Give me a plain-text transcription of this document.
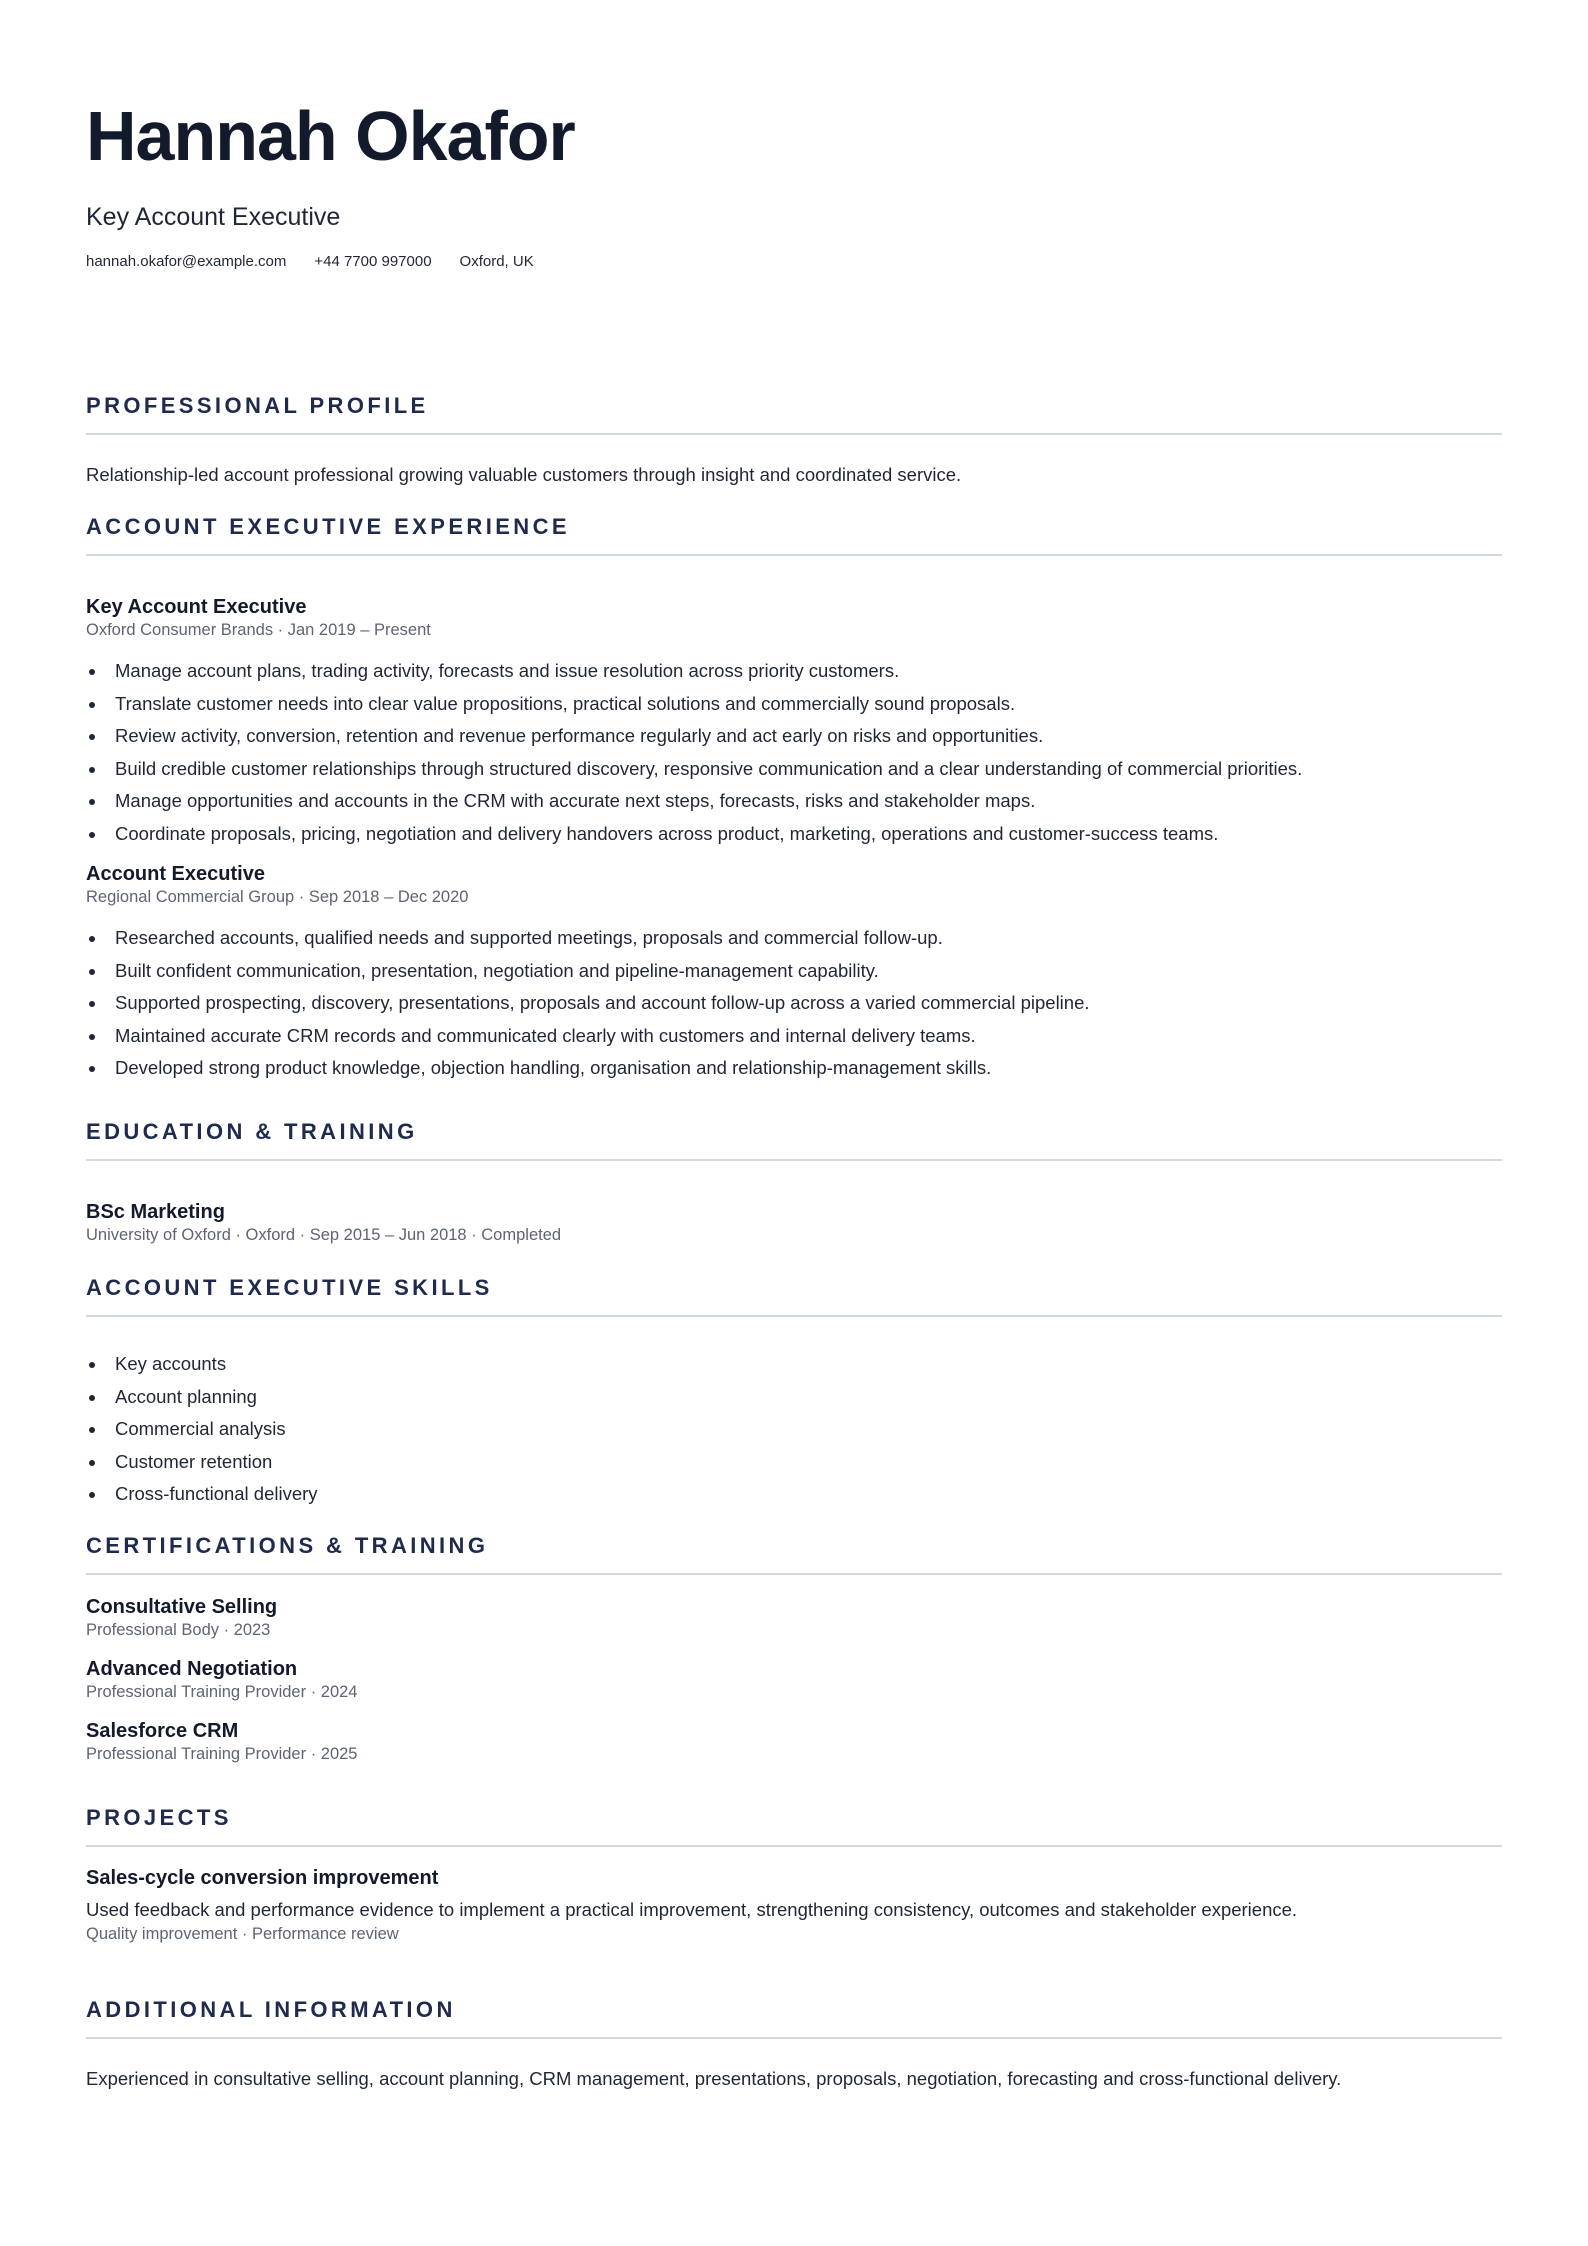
Hannah Okafor
Key Account Executive
hannah.okafor@example.com +44 7700 997000 Oxford, UK
PROFESSIONAL PROFILE
Relationship-led account professional growing valuable customers through insight and coordinated service.
ACCOUNT EXECUTIVE EXPERIENCE
Key Account Executive
Oxford Consumer Brands · Jan 2019 – Present
Manage account plans, trading activity, forecasts and issue resolution across priority customers.
Translate customer needs into clear value propositions, practical solutions and commercially sound proposals.
Review activity, conversion, retention and revenue performance regularly and act early on risks and opportunities.
Build credible customer relationships through structured discovery, responsive communication and a clear understanding of commercial priorities.
Manage opportunities and accounts in the CRM with accurate next steps, forecasts, risks and stakeholder maps.
Coordinate proposals, pricing, negotiation and delivery handovers across product, marketing, operations and customer-success teams.
Account Executive
Regional Commercial Group · Sep 2018 – Dec 2020
Researched accounts, qualified needs and supported meetings, proposals and commercial follow-up.
Built confident communication, presentation, negotiation and pipeline-management capability.
Supported prospecting, discovery, presentations, proposals and account follow-up across a varied commercial pipeline.
Maintained accurate CRM records and communicated clearly with customers and internal delivery teams.
Developed strong product knowledge, objection handling, organisation and relationship-management skills.
EDUCATION & TRAINING
BSc Marketing
University of Oxford · Oxford · Sep 2015 – Jun 2018 · Completed
ACCOUNT EXECUTIVE SKILLS
Key accounts
Account planning
Commercial analysis
Customer retention
Cross-functional delivery
CERTIFICATIONS & TRAINING
Consultative Selling
Professional Body · 2023
Advanced Negotiation
Professional Training Provider · 2024
Salesforce CRM
Professional Training Provider · 2025
PROJECTS
Sales-cycle conversion improvement
Used feedback and performance evidence to implement a practical improvement, strengthening consistency, outcomes and stakeholder experience.
Quality improvement · Performance review
ADDITIONAL INFORMATION
Experienced in consultative selling, account planning, CRM management, presentations, proposals, negotiation, forecasting and cross-functional delivery.
